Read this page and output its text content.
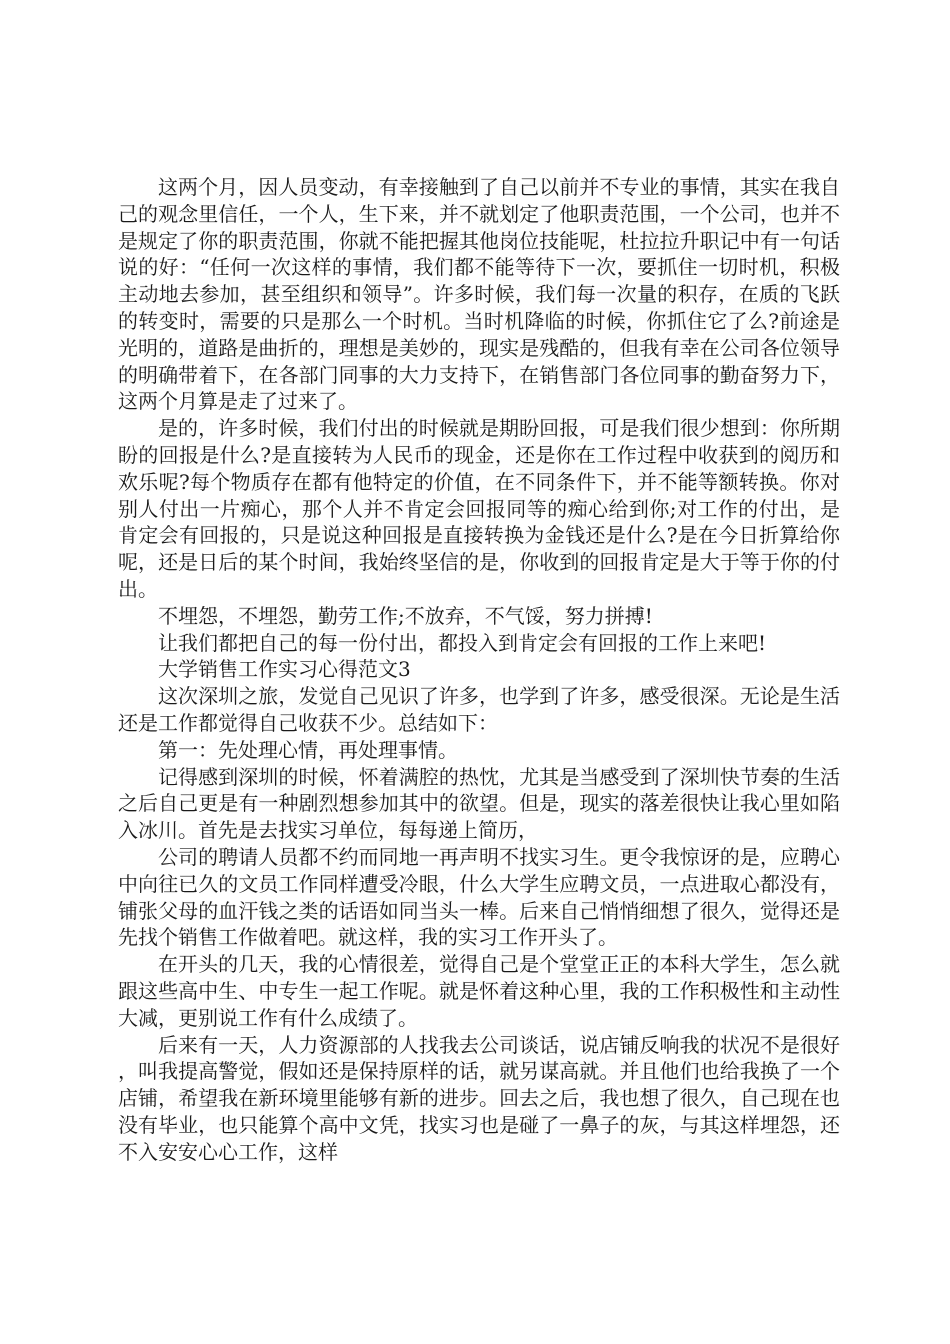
这两个月，因人员变动，有幸接触到了自己以前并不专业的事情，其实在我自己的观念里信任，一个人，生下来，并不就划定了他职责范围，一个公司，也并不是规定了你的职责范围，你就不能把握其他岗位技能呢，杜拉拉升职记中有一句话说的好：“任何一次这样的事情，我们都不能等待下一次，要抓住一切时机，积极主动地去参加，甚至组织和领导”。许多时候，我们每一次量的积存，在质的飞跃的转变时，需要的只是那么一个时机。当时机降临的时候，你抓住它了么?前途是光明的，道路是曲折的，理想是美妙的，现实是残酷的，但我有幸在公司各位领导的明确带着下，在各部门同事的大力支持下，在销售部门各位同事的勤奋努力下，这两个月算是走了过来了。

是的，许多时候，我们付出的时候就是期盼回报，可是我们很少想到：你所期盼的回报是什么?是直接转为人民币的现金，还是你在工作过程中收获到的阅历和欢乐呢?每个物质存在都有他特定的价值，在不同条件下，并不能等额转换。你对别人付出一片痴心，那个人并不肯定会回报同等的痴心给到你;对工作的付出，是肯定会有回报的，只是说这种回报是直接转换为金钱还是什么?是在今日折算给你呢，还是日后的某个时间，我始终坚信的是，你收到的回报肯定是大于等于你的付出。

不埋怨，不埋怨，勤劳工作;不放弃，不气馁，努力拼搏!

让我们都把自己的每一份付出，都投入到肯定会有回报的工作上来吧!

大学销售工作实习心得范文3

这次深圳之旅，发觉自己见识了许多，也学到了许多，感受很深。无论是生活还是工作都觉得自己收获不少。总结如下：

第一：先处理心情，再处理事情。

记得感到深圳的时候，怀着满腔的热忱，尤其是当感受到了深圳快节奏的生活之后自己更是有一种剧烈想参加其中的欲望。但是，现实的落差很快让我心里如陷入冰川。首先是去找实习单位，每每递上简历，

公司的聘请人员都不约而同地一再声明不找实习生。更令我惊讶的是，应聘心中向往已久的文员工作同样遭受冷眼，什么大学生应聘文员，一点进取心都没有，铺张父母的血汗钱之类的话语如同当头一棒。后来自己悄悄细想了很久，觉得还是先找个销售工作做着吧。就这样，我的实习工作开头了。

在开头的几天，我的心情很差，觉得自己是个堂堂正正的本科大学生，怎么就跟这些高中生、中专生一起工作呢。就是怀着这种心里，我的工作积极性和主动性大减，更别说工作有什么成绩了。

后来有一天，人力资源部的人找我去公司谈话，说店铺反响我的状况不是很好，叫我提高警觉，假如还是保持原样的话，就另谋高就。并且他们也给我换了一个店铺，希望我在新环境里能够有新的进步。回去之后，我也想了很久，自己现在也没有毕业，也只能算个高中文凭，找实习也是碰了一鼻子的灰，与其这样埋怨，还不入安安心心工作，这样
